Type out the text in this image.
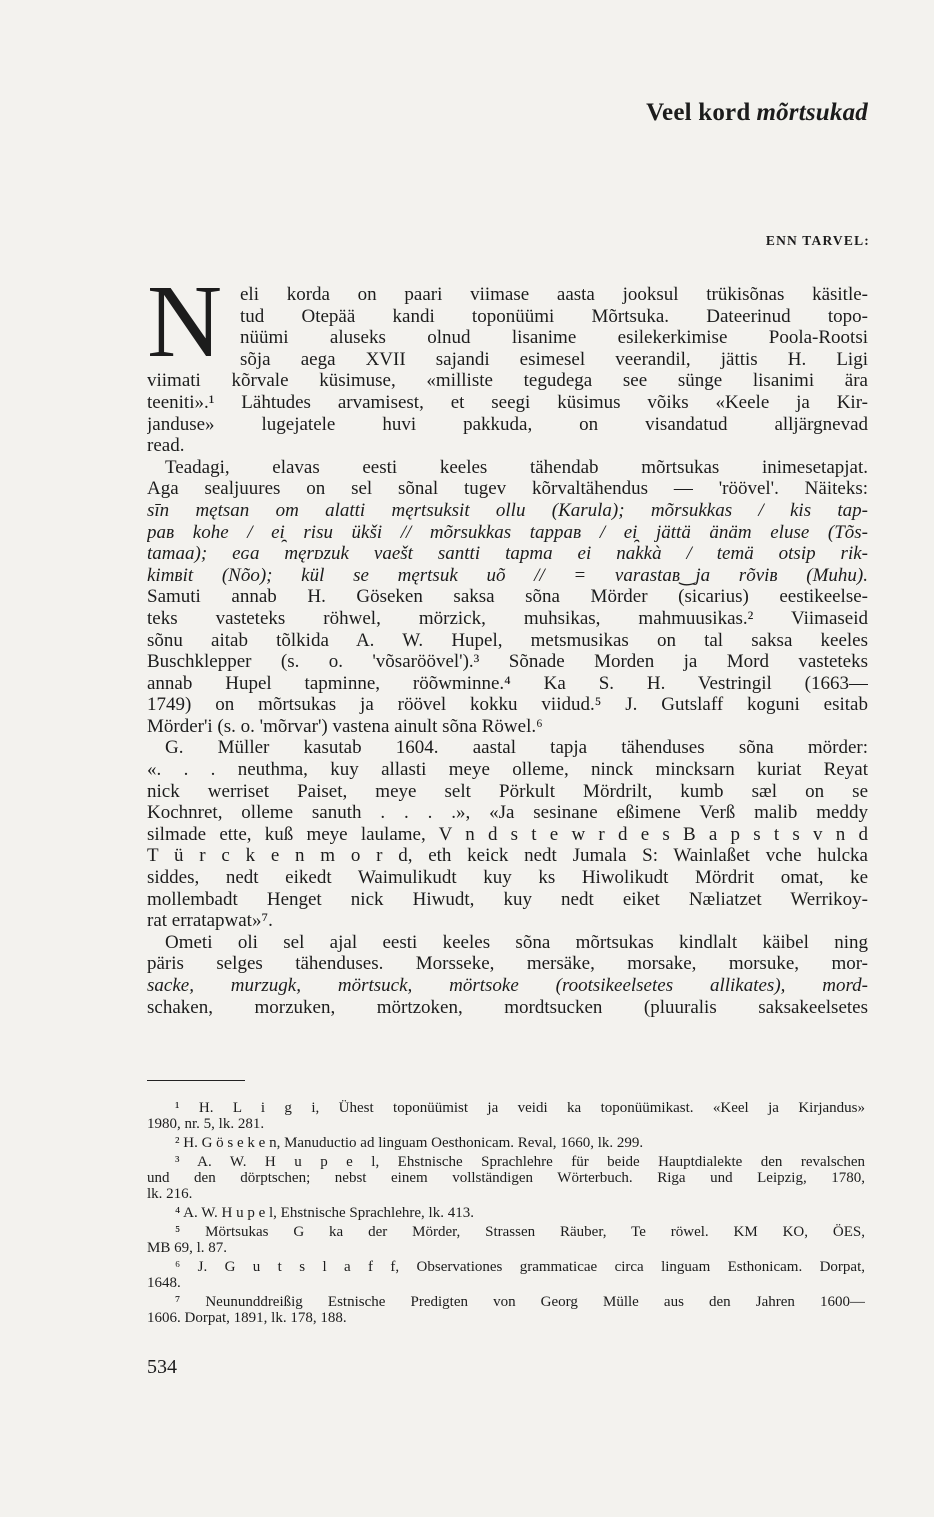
Veel kord mõrtsukad
ENN TARVEL:
N eli korda on paari viimase aasta jooksul trükisõnas käsitle-
tud Otepää kandi toponüümi Mõrtsuka. Dateerinud topo-
nüümi aluseks olnud lisanime esilekerkimise Poola-Rootsi
sõja aega XVII sajandi esimesel veerandil, jättis H. Ligi
viimati kõrvale küsimuse, «milliste tegudega see sünge lisanimi ära
teeniti».¹ Lähtudes arvamisest, et seegi küsimus võiks «Keele ja Kir-
janduse» lugejatele huvi pakkuda, on visandatud alljärgnevad
read.
Teadagi, elavas eesti keeles tähendab mõrtsukas inimesetapjat.
Aga sealjuures on sel sõnal tugev kõrvaltähendus — 'röövel'. Näiteks:
sīn mętsan om alatti męrtsuksit ollu (Karula); mõrsukkas / kis tap-
paʙ kohe / ei̯ risu ükši // mõrsukkas tappaʙ / ei̯ jättä änäm eluse (Tõs-
tamaa); eɢa męrᴅzuk vaešt santti tapma ei nakkà / temä otsip rik-
kimʙit (Nõo); kül se męrtsuk uõ // = varastaʙ‿ja rõviʙ (Muhu).
Samuti annab H. Göseken saksa sõna Mörder (sicarius) eestikeelse-
teks vasteteks röhwel, mörzick, muhsikas, mahmuusikas.² Viimaseid
sõnu aitab tõlkida A. W. Hupel, metsmusikas on tal saksa keeles
Buschklepper (s. o. 'võsaröövel').³ Sõnade Morden ja Mord vasteteks
annab Hupel tapminne, röõwminne.⁴ Ka S. H. Vestringil (1663—
1749) on mõrtsukas ja röövel kokku viidud.⁵ J. Gutslaff koguni esitab
Mörder'i (s. o. 'mõrvar') vastena ainult sõna Röwel.⁶
G. Müller kasutab 1604. aastal tapja tähenduses sõna mörder:
«. . . neuthma, kuy allasti meye olleme, ninck mincksarn kuriat Reyat
nick werriset Paiset, meye selt Pörkult Mördrilt, kumb sæl on se
Kochnret, olleme sanuth . . . .», «Ja sesinane eßimene Verß malib meddy
silmade ette, kuß meye laulame, V n d s t e w r d e s B a p s t s v n d
T ü r c k e n m o r d, eth keick nedt Jumala S: Wainlaßet vche hulcka
siddes, nedt eikedt Waimulikudt kuy ks Hiwolikudt Mördrit omat, ke
mollembadt Henget nick Hiwudt, kuy nedt eiket Næliatzet Werrikoy-
rat erratapwat»⁷.
Ometi oli sel ajal eesti keeles sõna mõrtsukas kindlalt käibel ning
päris selges tähenduses. Morsseke, mersäke, morsake, morsuke, mor-
sacke, murzugk, mörtsuck, mörtsoke (rootsikeelsetes allikates), mord-
schaken, morzuken, mörtzoken, mordtsucken (pluuralis saksakeelsetes
¹ H. L i g i, Ühest toponüümist ja veidi ka toponüümikast. «Keel ja Kirjandus»
1980, nr. 5, lk. 281.
² H. G ö s e k e n, Manuductio ad linguam Oesthonicam. Reval, 1660, lk. 299.
³ A. W. H u p e l, Ehstnische Sprachlehre für beide Hauptdialekte den revalschen
und den dörptschen; nebst einem vollständigen Wörterbuch. Riga und Leipzig, 1780,
lk. 216.
⁴ A. W. H u p e l, Ehstnische Sprachlehre, lk. 413.
⁵ Mörtsukas G ka der Mörder, Strassen Räuber, Te röwel. KM KO, ÖES,
MB 69, l. 87.
⁶ J. G u t s l a f f, Observationes grammaticae circa linguam Esthonicam. Dorpat,
1648.
⁷ Neununddreißig Estnische Predigten von Georg Mülle aus den Jahren 1600—
1606. Dorpat, 1891, lk. 178, 188.
534
